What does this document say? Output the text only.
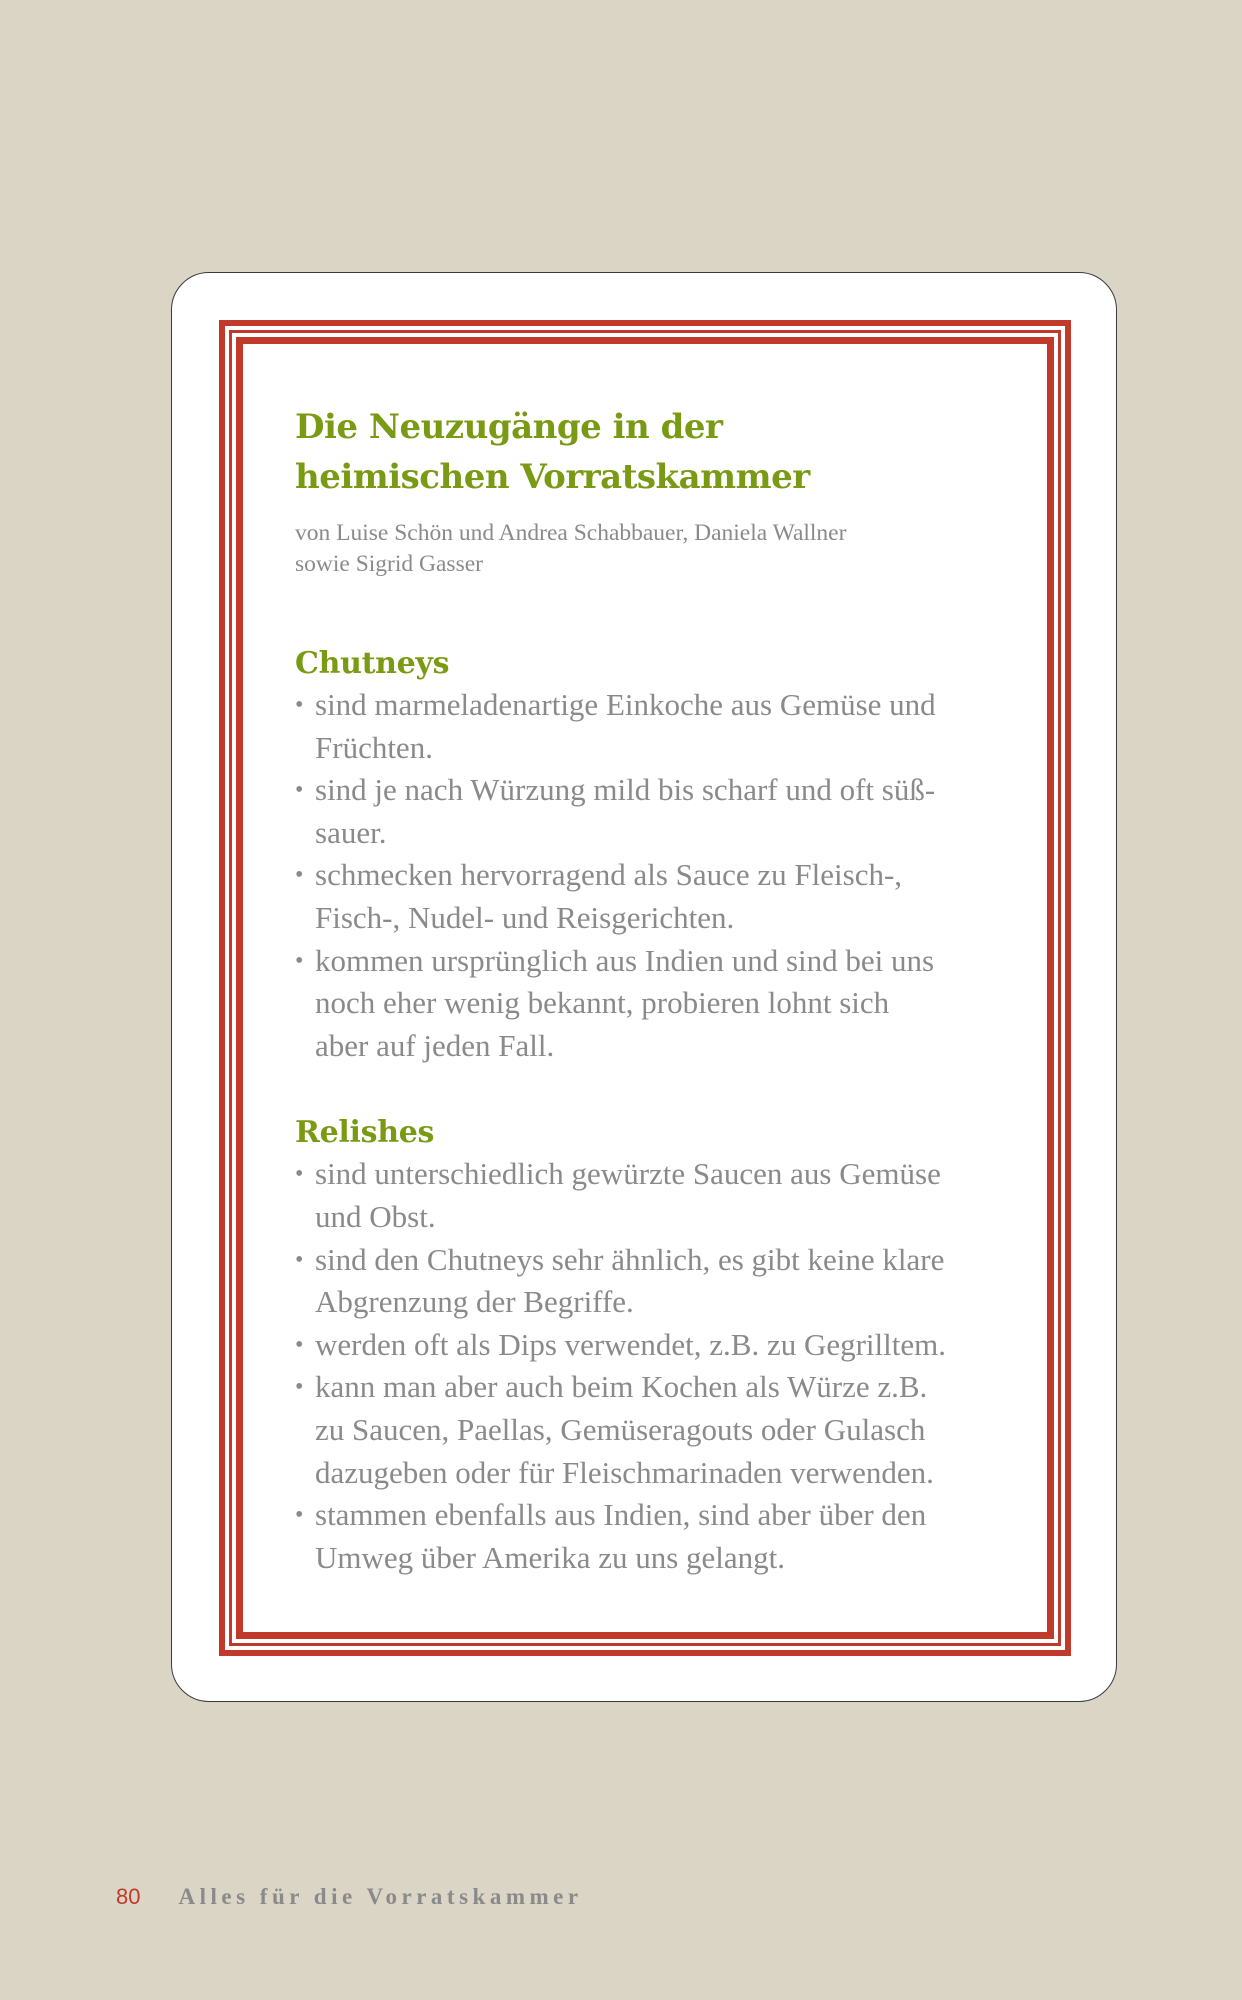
Die Neuzugänge in der
heimischen Vorratskammer
von Luise Schön und Andrea Schabbauer, Daniela Wallner
sowie Sigrid Gasser
Chutneys
• sind marmeladenartige Einkoche aus Gemüse und
Früchten.
• sind je nach Würzung mild bis scharf und oft süß-
sauer.
• schmecken hervorragend als Sauce zu Fleisch-,
Fisch-, Nudel- und Reisgerichten.
• kommen ursprünglich aus Indien und sind bei uns
noch eher wenig bekannt, probieren lohnt sich
aber auf jeden Fall.
Relishes
• sind unterschiedlich gewürzte Saucen aus Gemüse
und Obst.
• sind den Chutneys sehr ähnlich, es gibt keine klare
Abgrenzung der Begriffe.
• werden oft als Dips verwendet, z.B. zu Gegrilltem.
• kann man aber auch beim Kochen als Würze z.B.
zu Saucen, Paellas, Gemüseragouts oder Gulasch
dazugeben oder für Fleischmarinaden verwenden.
• stammen ebenfalls aus Indien, sind aber über den
Umweg über Amerika zu uns gelangt.
80 Alles für die Vorratskammer
